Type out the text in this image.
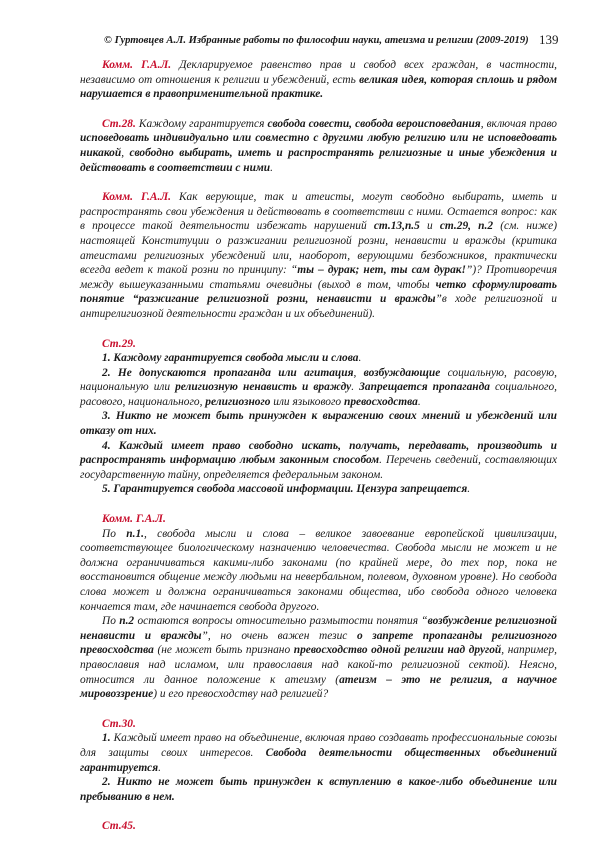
© Гуртовцев А.Л. Избранные работы по философии науки, атеизма и религии (2009-2019) 139

Комм. Г.А.Л. Декларируемое равенство прав и свобод всех граждан, в частности, независимо от отношения к религии и убеждений, есть великая идея, которая сплошь и рядом нарушается в правоприменительной практике.

Ст.28. Каждому гарантируется свобода совести, свобода вероисповедания, включая право исповедовать индивидуально или совместно с другими любую религию или не исповедовать никакой, свободно выбирать, иметь и распространять религиозные и иные убеждения и действовать в соответствии с ними.

Комм. Г.А.Л. Как верующие, так и атеисты, могут свободно выбирать, иметь и распространять свои убеждения и действовать в соответствии с ними. Остается вопрос: как в процессе такой деятельности избежать нарушений ст.13,п.5 и ст.29, п.2 (см. ниже) настоящей Конституции о разжигании религиозной розни, ненависти и вражды (критика атеистами религиозных убеждений или, наоборот, верующими безбожников, практически всегда ведет к такой розни по принципу: “ты – дурак; нет, ты сам дурак!”)? Противоречия между вышеуказанными статьями очевидны (выход в том, чтобы четко сформулировать понятие “разжигание религиозной розни, ненависти и вражды”в ходе религиозной и антирелигиозной деятельности граждан и их объединений).

Ст.29.

1. Каждому гарантируется свобода мысли и слова.

2. Не допускаются пропаганда или агитация, возбуждающие социальную, расовую, национальную или религиозную ненависть и вражду. Запрещается пропаганда социального, расового, национального, религиозного или языкового превосходства.

3. Никто не может быть принужден к выражению своих мнений и убеждений или отказу от них.

4. Каждый имеет право свободно искать, получать, передавать, производить и распространять информацию любым законным способом. Перечень сведений, составляющих государственную тайну, определяется федеральным законом.

5. Гарантируется свобода массовой информации. Цензура запрещается.

Комм. Г.А.Л.

По п.1., свобода мысли и слова – великое завоевание европейской цивилизации, соответствующее биологическому назначению человечества. Свобода мысли не может и не должна ограничиваться какими-либо законами (по крайней мере, до тех пор, пока не восстановится общение между людьми на невербальном, полевом, духовном уровне). Но свобода слова может и должна ограничиваться законами общества, ибо свобода одного человека кончается там, где начинается свобода другого.

По п.2 остаются вопросы относительно размытости понятия “возбуждение религиозной ненависти и вражды”, но очень важен тезис о запрете пропаганды религиозного превосходства (не может быть признано превосходство одной религии над другой, например, православия над исламом, или православия над какой-то религиозной сектой). Неясно, относится ли данное положение к атеизму (атеизм – это не религия, а научное мировоззрение) и его превосходству над религией?

Ст.30.

1. Каждый имеет право на объединение, включая право создавать профессиональные союзы для защиты своих интересов. Свобода деятельности общественных объединений гарантируется.

2. Никто не может быть принужден к вступлению в какое-либо объединение или пребыванию в нем.

Ст.45.
